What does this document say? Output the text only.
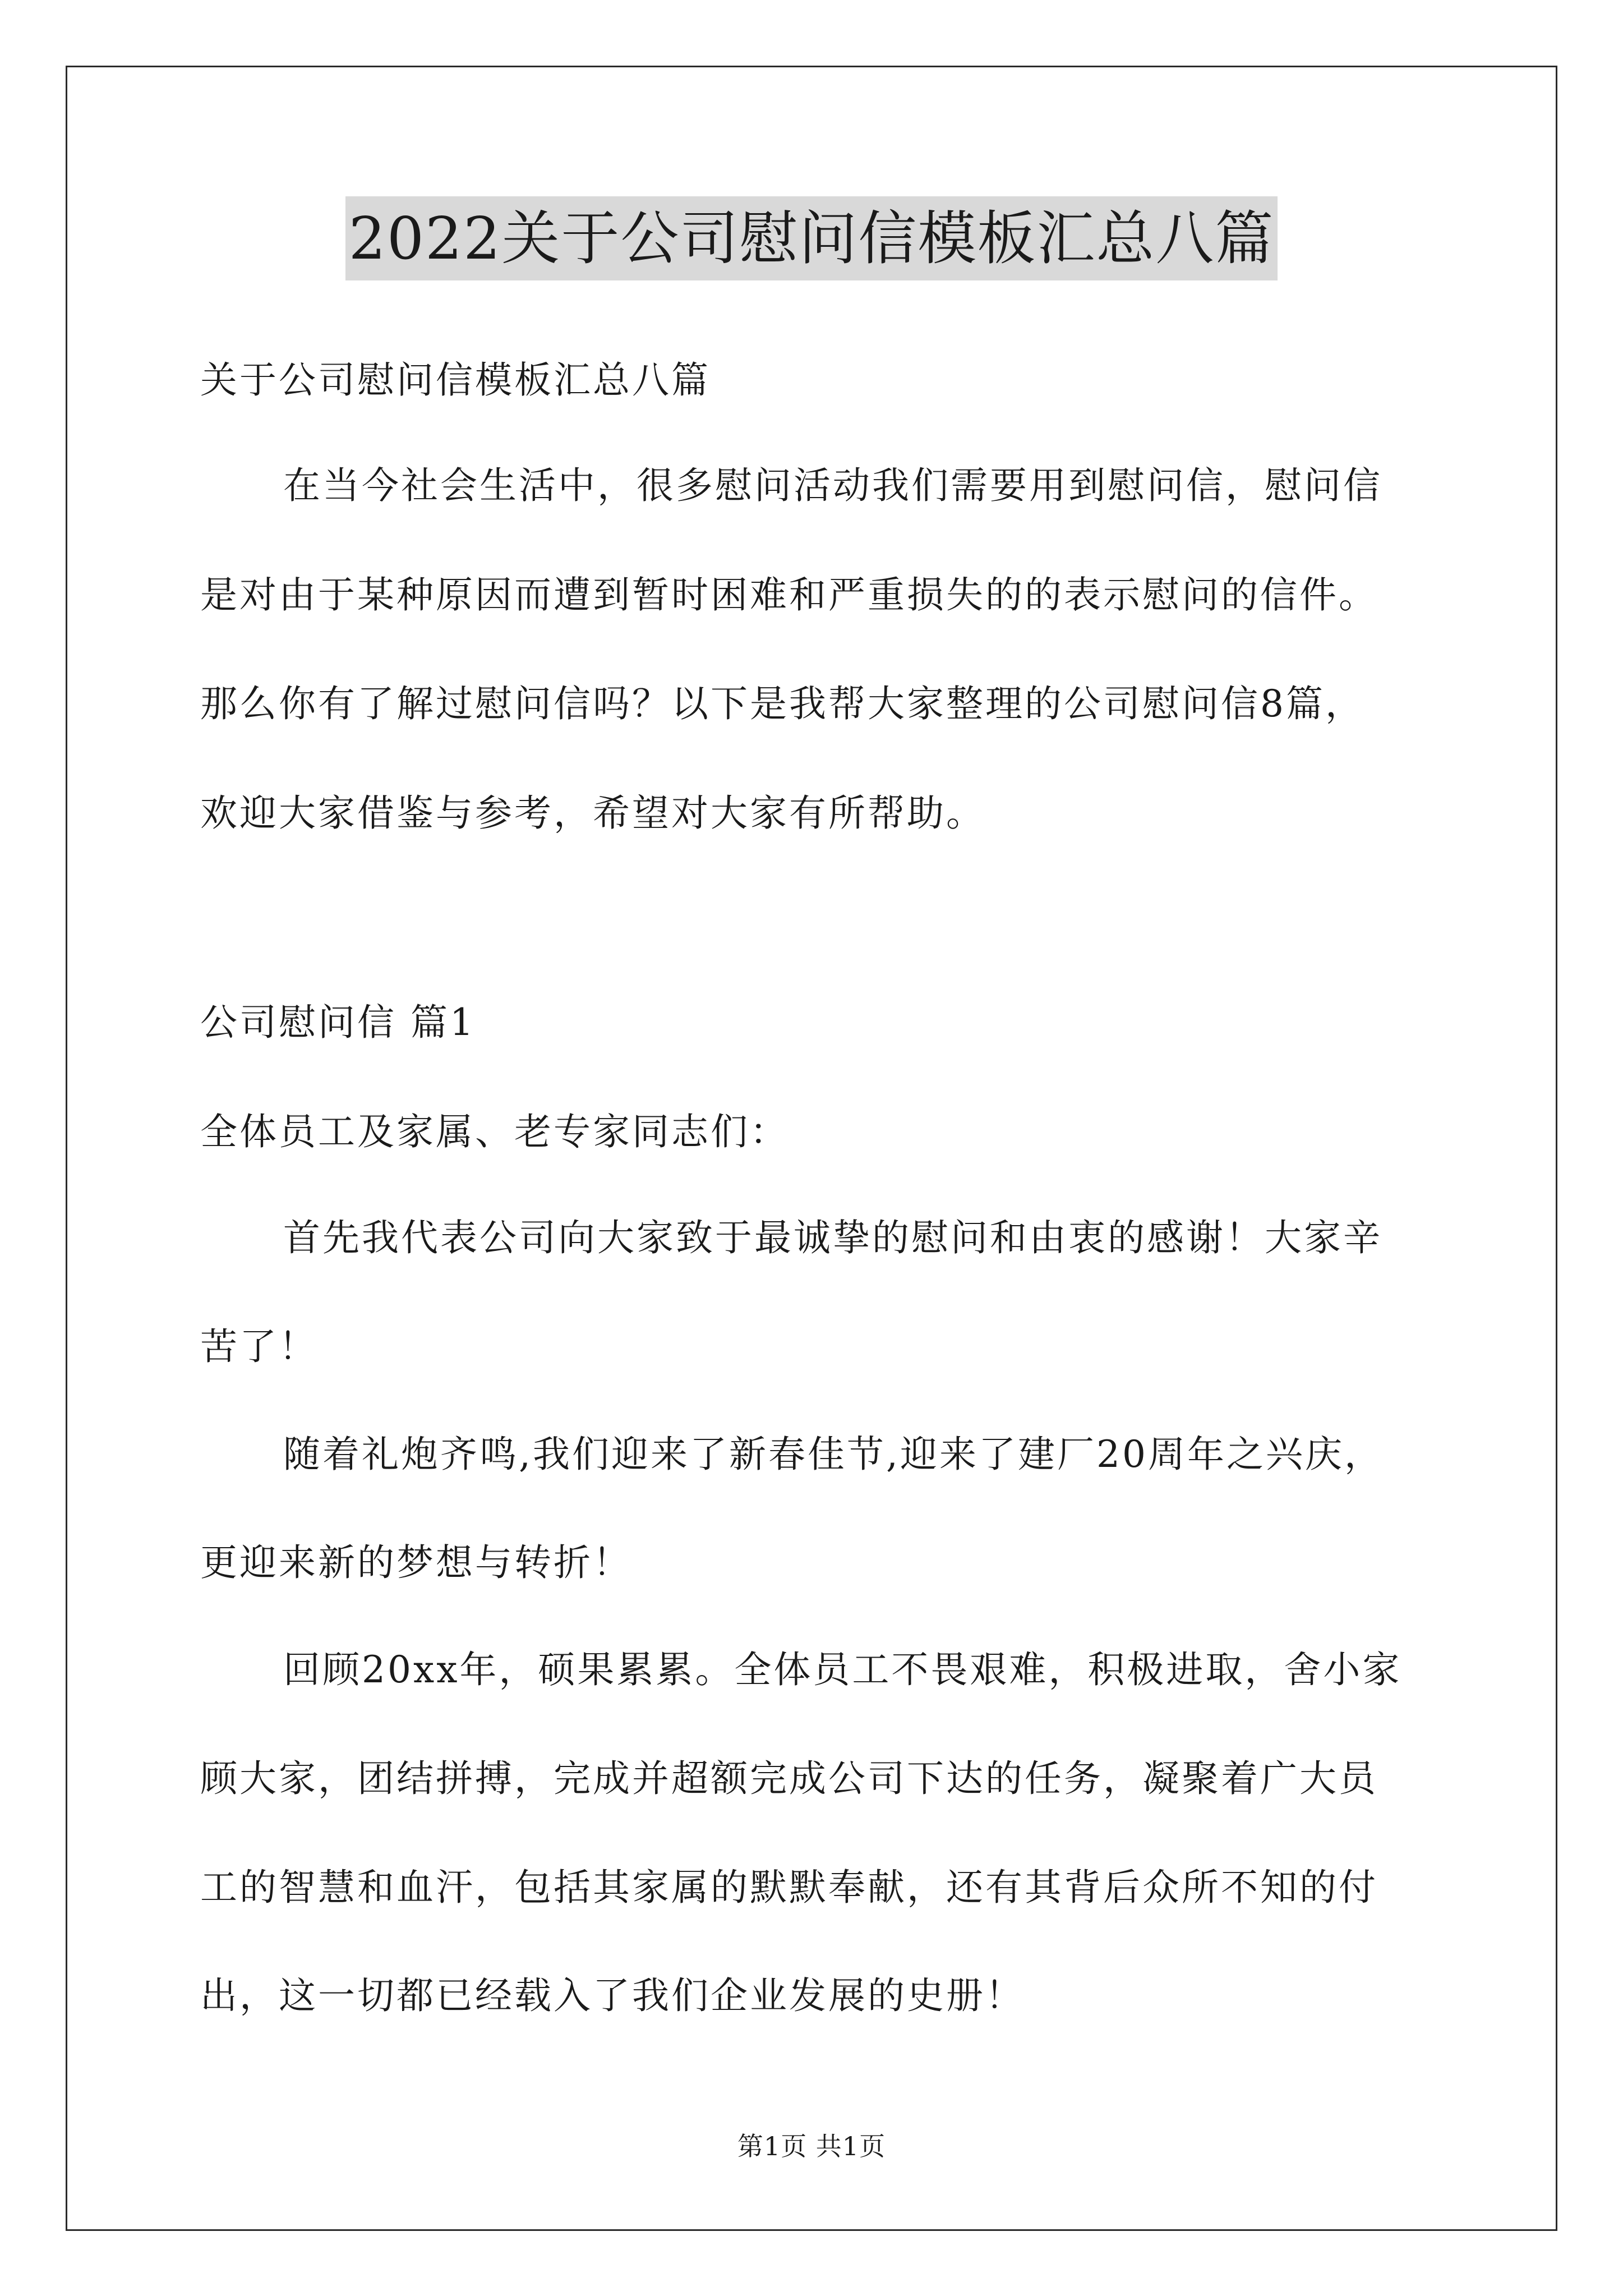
2022关于公司慰问信模板汇总八篇
关于公司慰问信模板汇总八篇
在当今社会生活中，很多慰问活动我们需要用到慰问信，慰问信
是对由于某种原因而遭到暂时困难和严重损失的的表示慰问的信件。
那么你有了解过慰问信吗？以下是我帮大家整理的公司慰问信8篇，
欢迎大家借鉴与参考，希望对大家有所帮助。
公司慰问信 篇1
全体员工及家属、老专家同志们：
首先我代表公司向大家致于最诚挚的慰问和由衷的感谢！大家辛
苦了！
随着礼炮齐鸣,我们迎来了新春佳节,迎来了建厂20周年之兴庆，
更迎来新的梦想与转折！
回顾20xx年，硕果累累。全体员工不畏艰难，积极进取，舍小家
顾大家，团结拼搏，完成并超额完成公司下达的任务，凝聚着广大员
工的智慧和血汗，包括其家属的默默奉献，还有其背后众所不知的付
出，这一切都已经载入了我们企业发展的史册！
第1页 共1页
